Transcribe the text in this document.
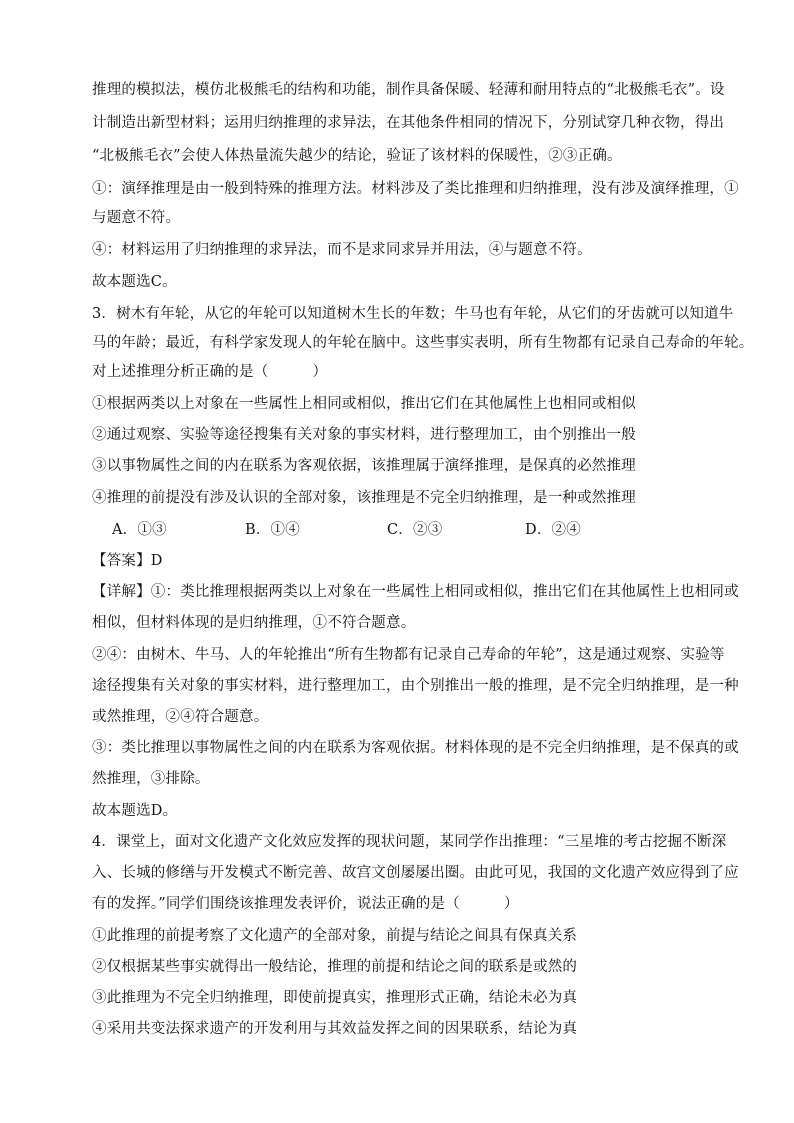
推理的模拟法，模仿北极熊毛的结构和功能，制作具备保暖、轻薄和耐用特点的“北极熊毛衣”。设
计制造出新型材料；运用归纳推理的求异法，在其他条件相同的情况下，分别试穿几种衣物，得出
“北极熊毛衣”会使人体热量流失越少的结论，验证了该材料的保暖性，②③正确。
①：演绎推理是由一般到特殊的推理方法。材料涉及了类比推理和归纳推理，没有涉及演绎推理，①
与题意不符。
④：材料运用了归纳推理的求异法，而不是求同求异并用法，④与题意不符。
故本题选C。
3．树木有年轮，从它的年轮可以知道树木生长的年数；牛马也有年轮，从它们的牙齿就可以知道牛
马的年龄；最近，有科学家发现人的年轮在脑中。这些事实表明，所有生物都有记录自己寿命的年轮。
对上述推理分析正确的是（　　　）
①根据两类以上对象在一些属性上相同或相似，推出它们在其他属性上也相同或相似
②通过观察、实验等途径搜集有关对象的事实材料，进行整理加工，由个别推出一般
③以事物属性之间的内在联系为客观依据，该推理属于演绎推理，是保真的必然推理
④推理的前提没有涉及认识的全部对象，该推理是不完全归纳推理，是一种或然推理
A．①③	B．①④	C．②③	D．②④
【答案】D
【详解】①：类比推理根据两类以上对象在一些属性上相同或相似，推出它们在其他属性上也相同或
相似，但材料体现的是归纳推理，①不符合题意。
②④：由树木、牛马、人的年轮推出“所有生物都有记录自己寿命的年轮”，这是通过观察、实验等
途径搜集有关对象的事实材料，进行整理加工，由个别推出一般的推理，是不完全归纳推理，是一种
或然推理，②④符合题意。
③：类比推理以事物属性之间的内在联系为客观依据。材料体现的是不完全归纳推理，是不保真的或
然推理，③排除。
故本题选D。
4．课堂上，面对文化遗产文化效应发挥的现状问题，某同学作出推理：“三星堆的考古挖掘不断深
入、长城的修缮与开发模式不断完善、故宫文创屡屡出圈。由此可见，我国的文化遗产效应得到了应
有的发挥。”同学们围绕该推理发表评价，说法正确的是（　　　）
①此推理的前提考察了文化遗产的全部对象，前提与结论之间具有保真关系
②仅根据某些事实就得出一般结论，推理的前提和结论之间的联系是或然的
③此推理为不完全归纳推理，即使前提真实，推理形式正确，结论未必为真
④采用共变法探求遗产的开发利用与其效益发挥之间的因果联系，结论为真
